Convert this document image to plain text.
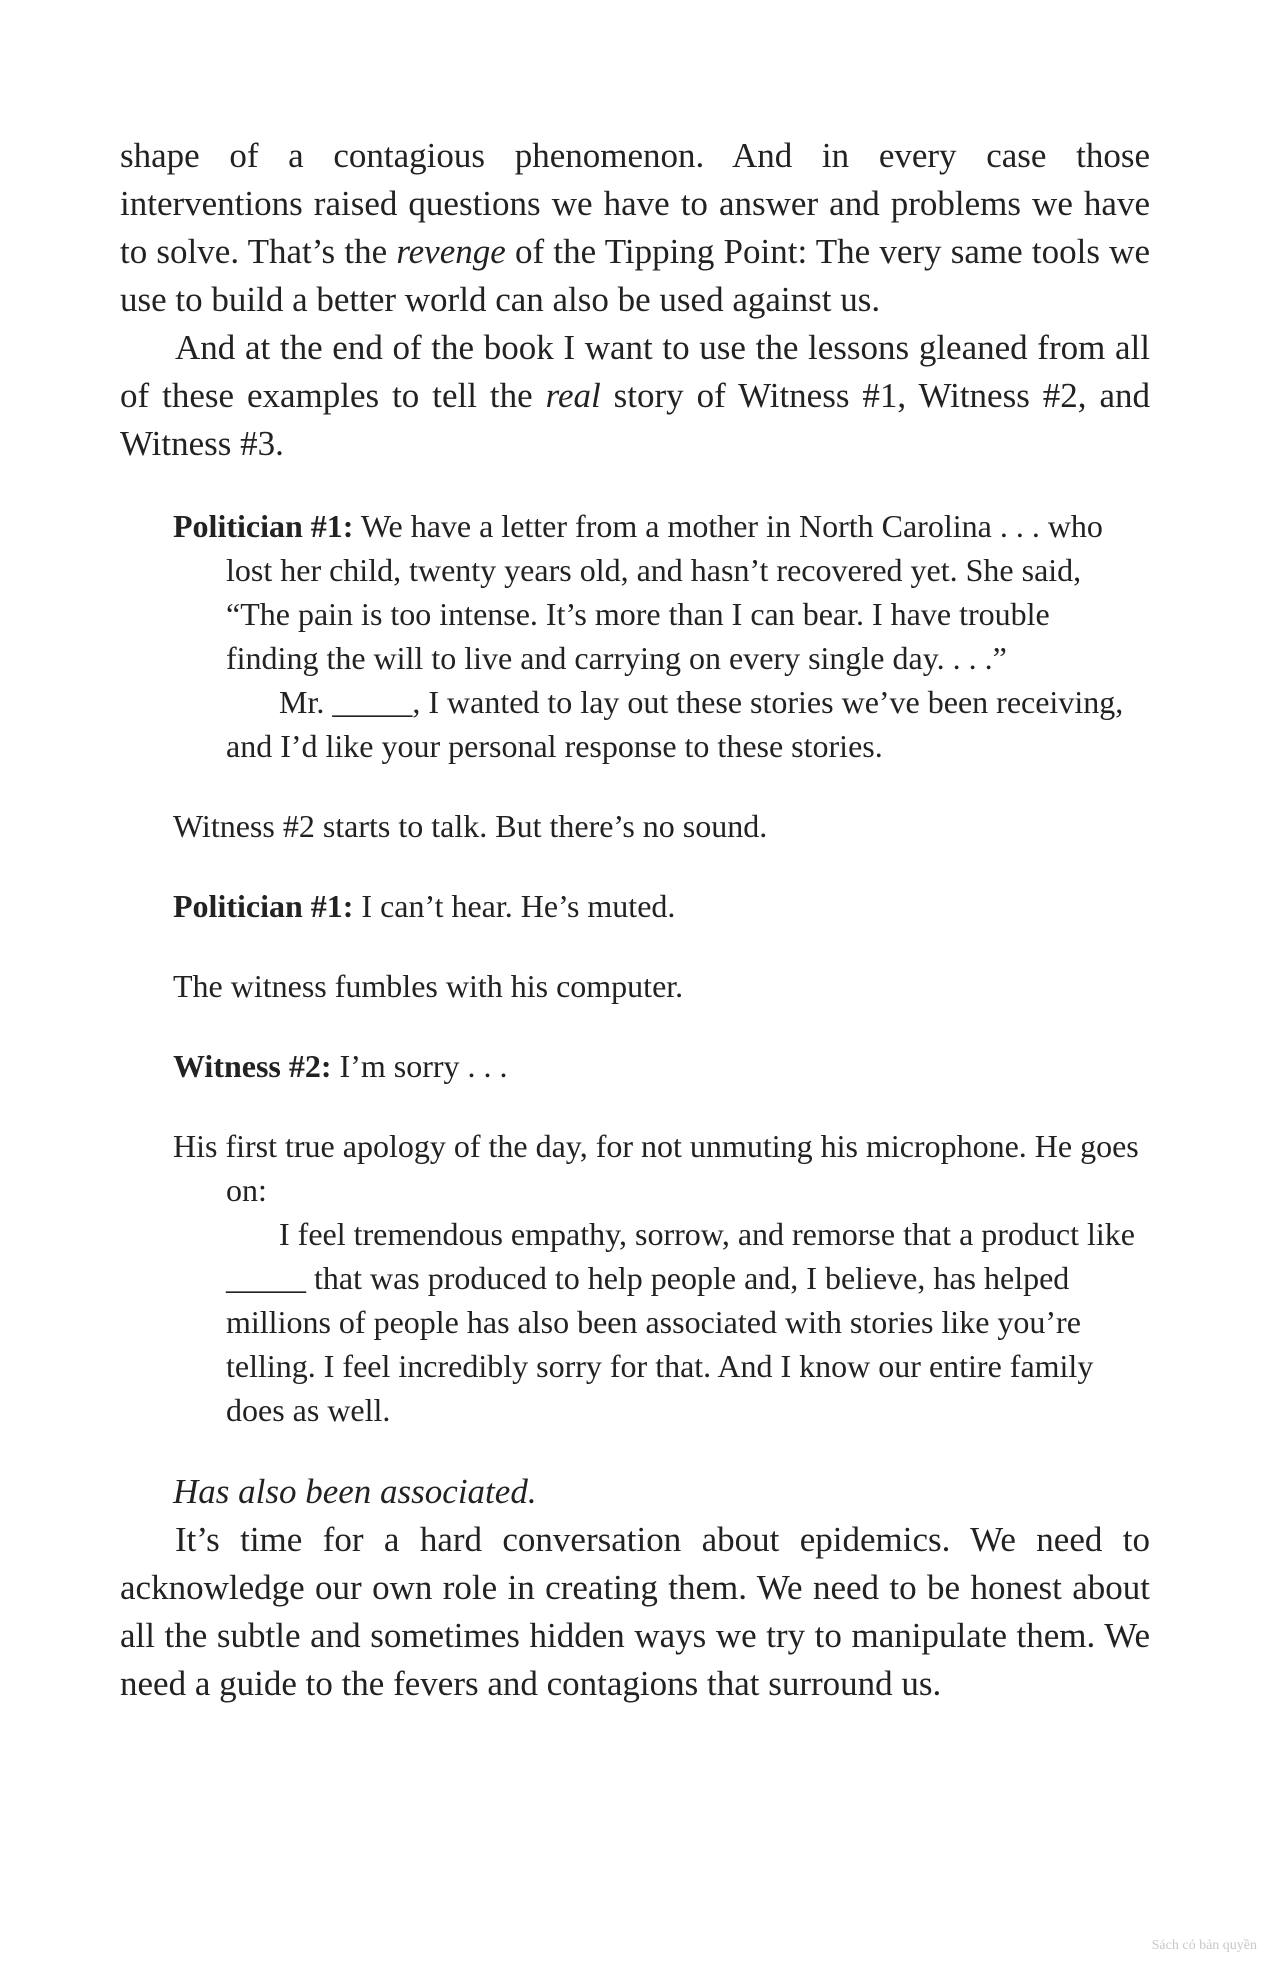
shape of a contagious phenomenon. And in every case those interventions raised questions we have to answer and problems we have to solve. That’s the revenge of the Tipping Point: The very same tools we use to build a better world can also be used against us.

And at the end of the book I want to use the lessons gleaned from all of these examples to tell the real story of Witness #1, Witness #2, and Witness #3.

Politician #1: We have a letter from a mother in North Carolina . . . who lost her child, twenty years old, and hasn’t recovered yet. She said, “The pain is too intense. It’s more than I can bear. I have trouble finding the will to live and carrying on every single day. . . .”

Mr. _____, I wanted to lay out these stories we’ve been receiving, and I’d like your personal response to these stories.

Witness #2 starts to talk. But there’s no sound.

Politician #1: I can’t hear. He’s muted.

The witness fumbles with his computer.

Witness #2: I’m sorry . . .

His first true apology of the day, for not unmuting his microphone. He goes on:

I feel tremendous empathy, sorrow, and remorse that a product like _____ that was produced to help people and, I believe, has helped millions of people has also been associated with stories like you’re telling. I feel incredibly sorry for that. And I know our entire family does as well.

Has also been associated.

It’s time for a hard conversation about epidemics. We need to acknowledge our own role in creating them. We need to be honest about all the subtle and sometimes hidden ways we try to manipulate them. We need a guide to the fevers and contagions that surround us.

Sách có bản quyền
